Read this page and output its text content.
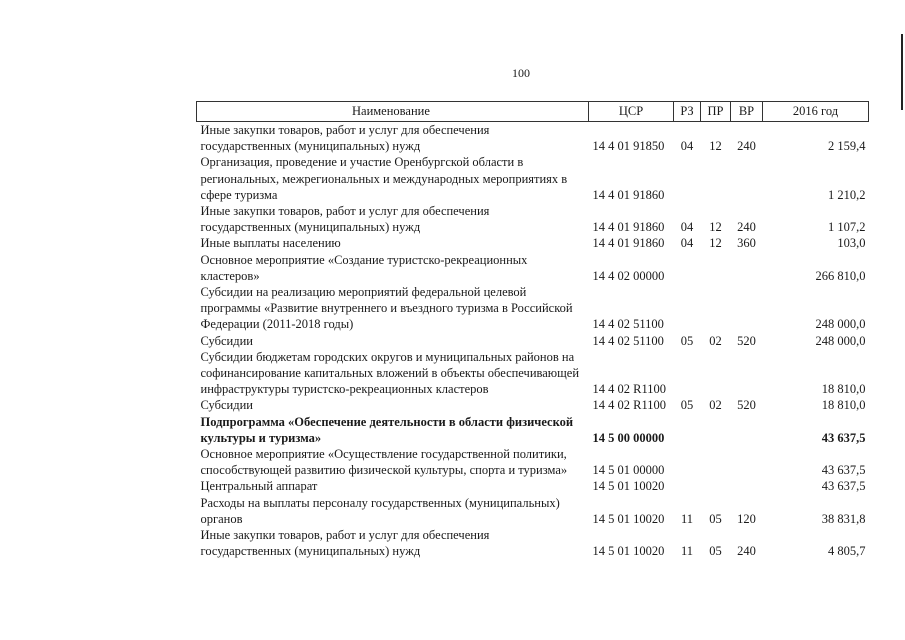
100
Наименование	ЦСР	РЗ	ПР	ВР	2016 год
Иные закупки товаров, работ и услуг для обеспечения государственных (муниципальных) нужд	14 4 01 91850	04	12	240	2 159,4
Организация, проведение и участие Оренбургской области в региональных, межрегиональных и международных мероприятиях в сфере туризма	14 4 01 91860				1 210,2
Иные закупки товаров, работ и услуг для обеспечения государственных (муниципальных) нужд	14 4 01 91860	04	12	240	1 107,2
Иные выплаты населению	14 4 01 91860	04	12	360	103,0
Основное мероприятие «Создание туристско-рекреационных кластеров»	14 4 02 00000				266 810,0
Субсидии на реализацию мероприятий федеральной целевой программы «Развитие внутреннего и въездного туризма в Российской Федерации (2011-2018 годы)	14 4 02 51100				248 000,0
Субсидии	14 4 02 51100	05	02	520	248 000,0
Субсидии бюджетам городских округов и муниципальных районов на софинансирование капитальных вложений в объекты обеспечивающей инфраструктуры туристско-рекреационных кластеров	14 4 02 R1100				18 810,0
Субсидии	14 4 02 R1100	05	02	520	18 810,0
Подпрограмма «Обеспечение деятельности в области физической культуры и туризма»	14 5 00 00000				43 637,5
Основное мероприятие «Осуществление государственной политики, способствующей развитию физической культуры, спорта и туризма»	14 5 01 00000				43 637,5
Центральный аппарат	14 5 01 10020				43 637,5
Расходы на выплаты персоналу государственных (муниципальных) органов	14 5 01 10020	11	05	120	38 831,8
Иные закупки товаров, работ и услуг для обеспечения государственных (муниципальных) нужд	14 5 01 10020	11	05	240	4 805,7
